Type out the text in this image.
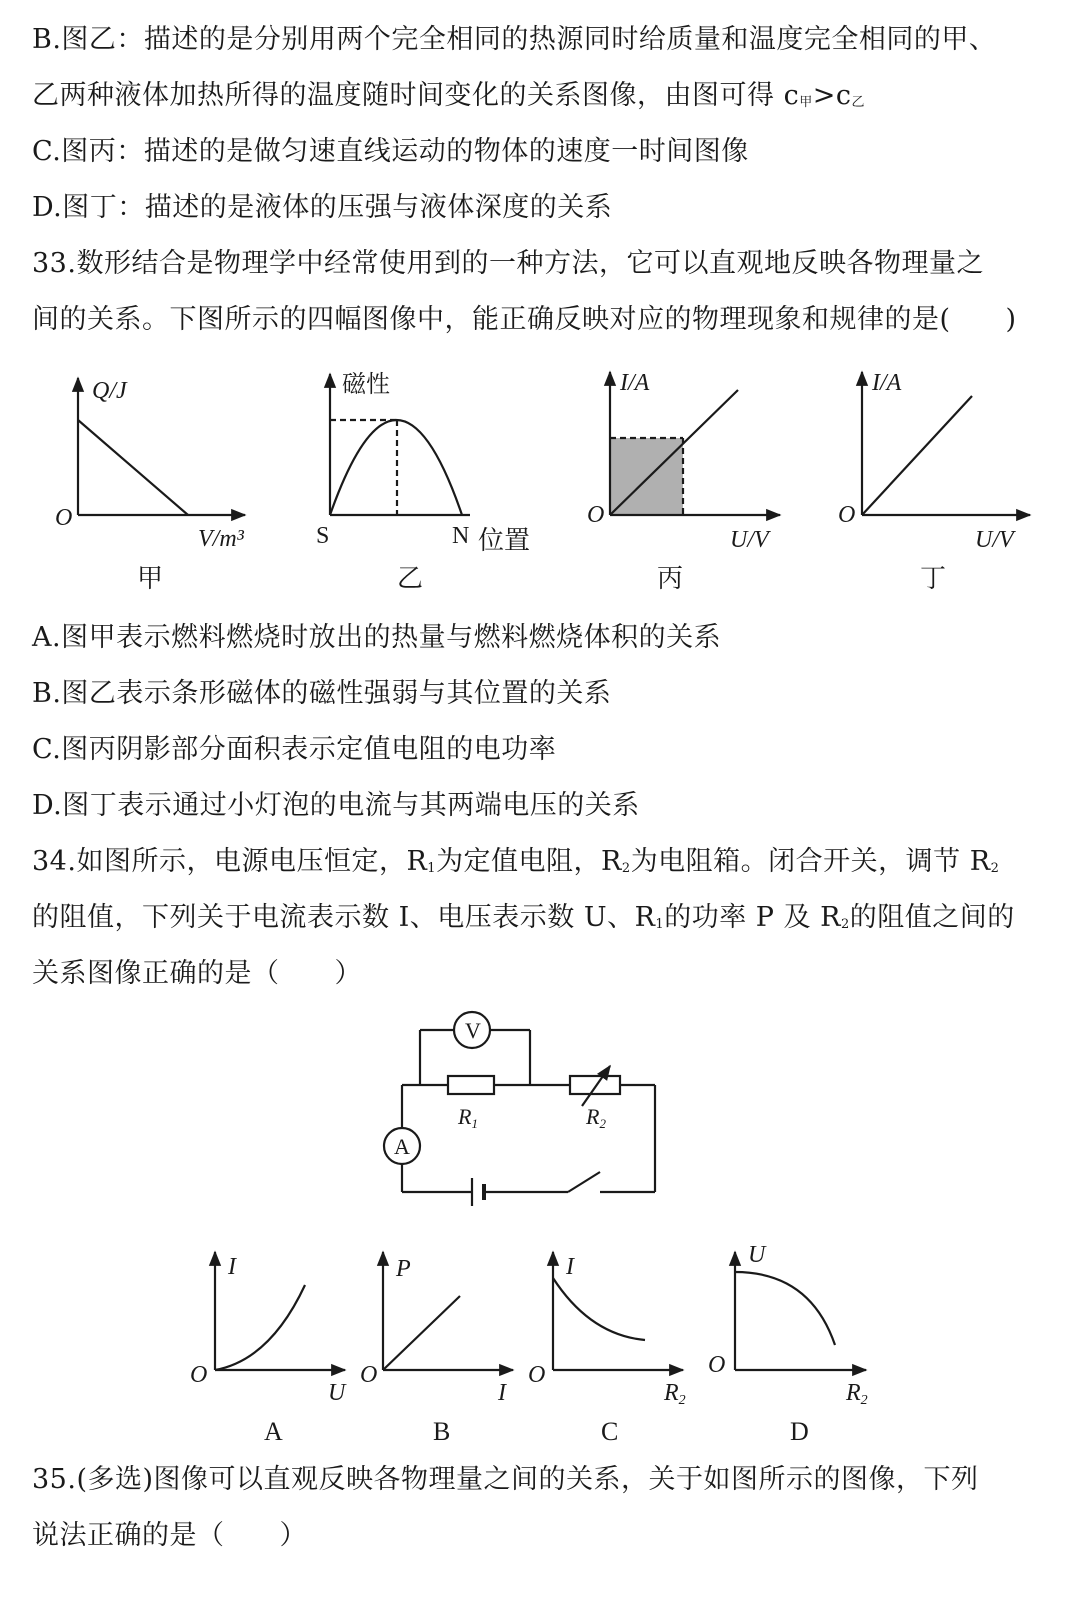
B.图乙：描述的是分别用两个完全相同的热源同时给质量和温度完全相同的甲、
乙两种液体加热所得的温度随时间变化的关系图像，由图可得 c甲>c乙
C.图丙：描述的是做匀速直线运动的物体的速度一时间图像
D.图丁：描述的是液体的压强与液体深度的关系
33.数形结合是物理学中经常使用到的一种方法，它可以直观地反映各物理量之
间的关系。下图所示的四幅图像中，能正确反映对应的物理现象和规律的是(　　)
A.图甲表示燃料燃烧时放出的热量与燃料燃烧体积的关系
B.图乙表示条形磁体的磁性强弱与其位置的关系
C.图丙阴影部分面积表示定值电阻的电功率
D.图丁表示通过小灯泡的电流与其两端电压的关系
34.如图所示，电源电压恒定，R1为定值电阻，R2为电阻箱。闭合开关，调节 R2
的阻值，下列关于电流表示数 I、电压表示数 U、R1的功率 P 及 R2的阻值之间的
关系图像正确的是（　　）
35.(多选)图像可以直观反映各物理量之间的关系，关于如图所示的图像，下列
说法正确的是（　　）
Q/J
O
V/m³
甲
磁性
S	N 位置
乙
I/A
O
U/V
丙
I/A
O
U/V
丁
V
A
R1	R2
I
O
U
A
P
O
I
B
I
O
R2
C
U
O
R2
D
